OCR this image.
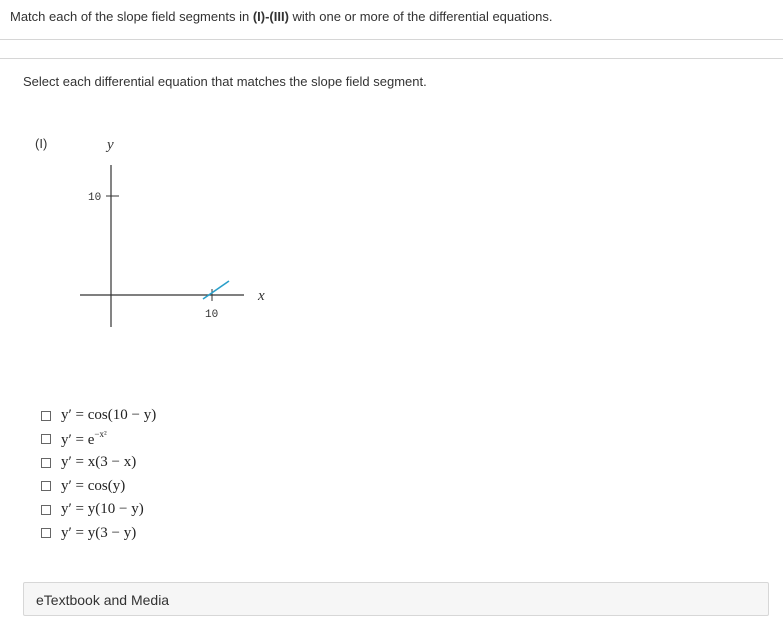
Match each of the slope field segments in (I)-(III) with one or more of the differential equations.
Select each differential equation that matches the slope field segment.
(I)
10
10
y
x
y′ = cos(10 − y)
$y' = e^{-x^2}$
y′ = x(3 − x)
y′ = cos(y)
y′ = y(10 − y)
y′ = y(3 − y)
eTextbook and Media
